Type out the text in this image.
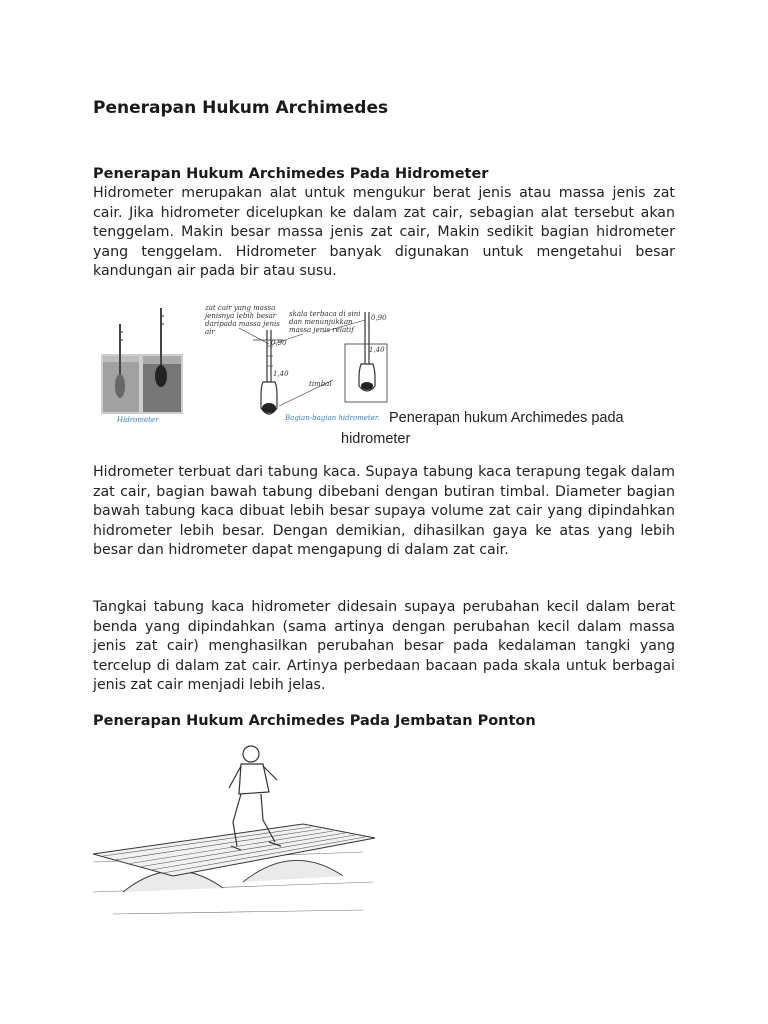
Penerapan Hukum Archimedes
Penerapan Hukum Archimedes Pada Hidrometer

Hidrometer merupakan alat untuk mengukur berat jenis atau massa jenis zat cair. Jika hidrometer dicelupkan ke dalam zat cair, sebagian alat tersebut akan tenggelam. Makin besar massa jenis zat cair, Makin sedikit bagian hidrometer yang tenggelam. Hidrometer banyak digunakan untuk mengetahui besar kandungan air pada bir atau susu.

Hidrometer
zat cair yang massa
jenisnya lebih besar
daripada massa jenis
air
skala terbaca di sini
dan menunjukkan
massa jenis relatif
0,90
1,40
timbal
0,90
1,40
Bagian-bagian hidrometer. Penerapan hukum Archimedes pada hidrometer

Hidrometer terbuat dari tabung kaca. Supaya tabung kaca terapung tegak dalam zat cair, bagian bawah tabung dibebani dengan butiran timbal. Diameter bagian bawah tabung kaca dibuat lebih besar supaya volume zat cair yang dipindahkan hidrometer lebih besar. Dengan demikian, dihasilkan gaya ke atas yang lebih besar dan hidrometer dapat mengapung di dalam zat cair.

Tangkai tabung kaca hidrometer didesain supaya perubahan kecil dalam berat benda yang dipindahkan (sama artinya dengan perubahan kecil dalam massa jenis zat cair) menghasilkan perubahan besar pada kedalaman tangki yang tercelup di dalam zat cair. Artinya perbedaan bacaan pada skala untuk berbagai jenis zat cair menjadi lebih jelas.

Penerapan Hukum Archimedes Pada Jembatan Ponton
